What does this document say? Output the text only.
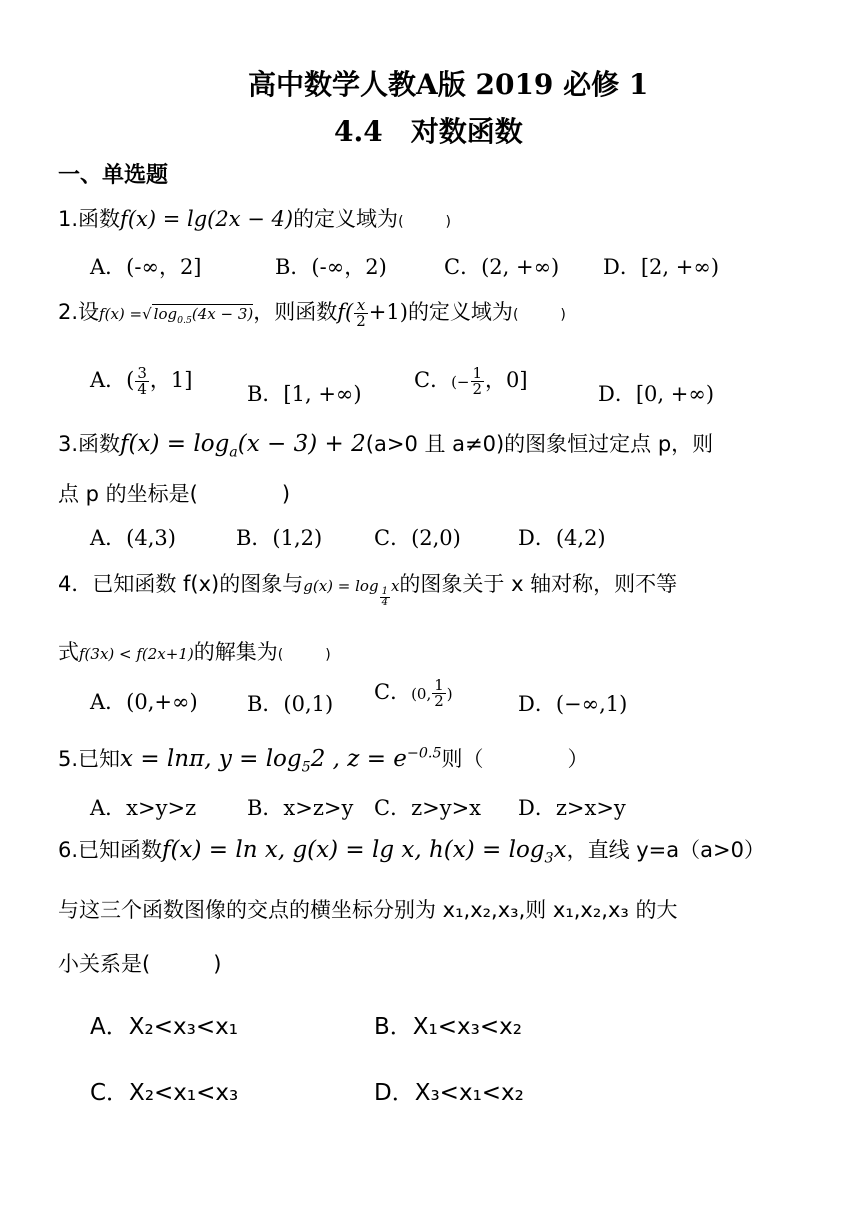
高中数学人教A版 2019 必修 1
4.4　对数函数
一、单选题
1.函数f(x) = lg(2x − 4)的定义域为(　　　)
A．(-∞，2]	B．(-∞，2)	C．(2, +∞) D．[2, +∞)
2.设f(x) =√ $\log_{0.5}(4x - 3)$，则函数$f( \frac{x}{2} +1)$的定义域为(　　　)
A．( $\frac{3}{4}$ ，1]
B．[1, +∞)
C．(− $\frac{1}{2}$ ，0]
D．[0, +∞)
3.函数$f(x) = \log_a(x - 3) + 2(a>0$ 且 a≠0)的图象恒过定点 p，则
点 p 的坐标是(　　　　)
A．(4,3)	B．(1,2) C．(2,0)	D．(4,2)
4．已知函数 f(x)的图象与g(x) = log
$\frac{1}{4}$
x的图象关于 x 轴对称，则不等
式f(3x) < f(2x+1)的解集为(　　　)
A．(0,+∞) B．(0,1) C．(0, $\frac{1}{2}$ )	D．(−∞,1)
5.已知x = lnπ, $y = \log_52$ , $z = e^{-0.5}$则（　　　　）
A．x>y>z B．x>z>y C．z>y>x D．z>x>y
6.已知函数f(x) = ln x, g(x) = lg x, $h(x) = \log_3x$，直线 y=a（a>0）
与这三个函数图像的交点的横坐标分别为 x₁,x₂,x₃,则 x₁,x₂,x₃ 的大
小关系是(　　　)
A．X₂<x₃<x₁	B．X₁<x₃<x₂
C．X₂<x₁<x₃	D．X₃<x₁<x₂
